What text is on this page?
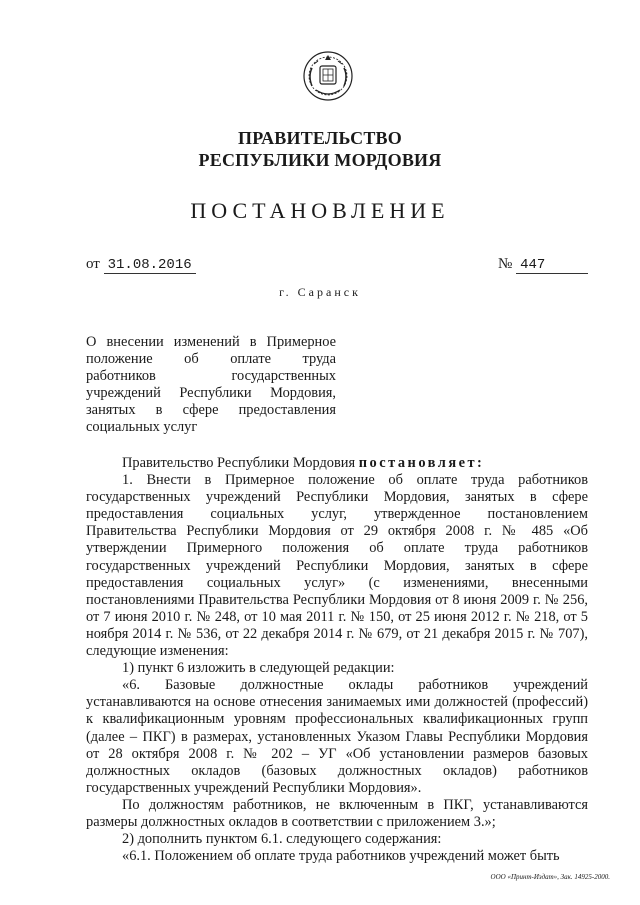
ПРАВИТЕЛЬСТВО
РЕСПУБЛИКИ МОРДОВИЯ
ПОСТАНОВЛЕНИЕ
от 31.08.2016	№ 447
г. Саранск
О внесении изменений в Примерное
положение об оплате труда
работников государственных
учреждений Республики Мордовия,
занятых в сфере предоставления
социальных услуг

Правительство Республики Мордовия постановляет:

1. Внести в Примерное положение об оплате труда работников государственных учреждений Республики Мордовия, занятых в сфере предоставления социальных услуг, утвержденное постановлением Правительства Республики Мордовия от 29 октября 2008 г. № 485 «Об утверждении Примерного положения об оплате труда работников государственных учреждений Республики Мордовия, занятых в сфере предоставления социальных услуг» (с изменениями, внесенными постановлениями Правительства Республики Мордовия от 8 июня 2009 г. № 256, от 7 июня 2010 г. № 248, от 10 мая 2011 г. № 150, от 25 июня 2012 г. № 218, от 5 ноября 2014 г. № 536, от 22 декабря 2014 г. № 679, от 21 декабря 2015 г. № 707), следующие изменения:

1) пункт 6 изложить в следующей редакции:

«6. Базовые должностные оклады работников учреждений устанавливаются на основе отнесения занимаемых ими должностей (профессий) к квалификационным уровням профессиональных квалификационных групп (далее – ПКГ) в размерах, установленных Указом Главы Республики Мордовия от 28 октября 2008 г. № 202 – УГ «Об установлении размеров базовых должностных окладов (базовых должностных окладов) работников государственных учреждений Республики Мордовия».

По должностям работников, не включенным в ПКГ, устанавливаются размеры должностных окладов в соответствии с приложением 3.»;

2) дополнить пунктом 6.1. следующего содержания:

«6.1. Положением об оплате труда работников учреждений может быть

ООО «Принт-Издат», Зак. 14925-2000.
